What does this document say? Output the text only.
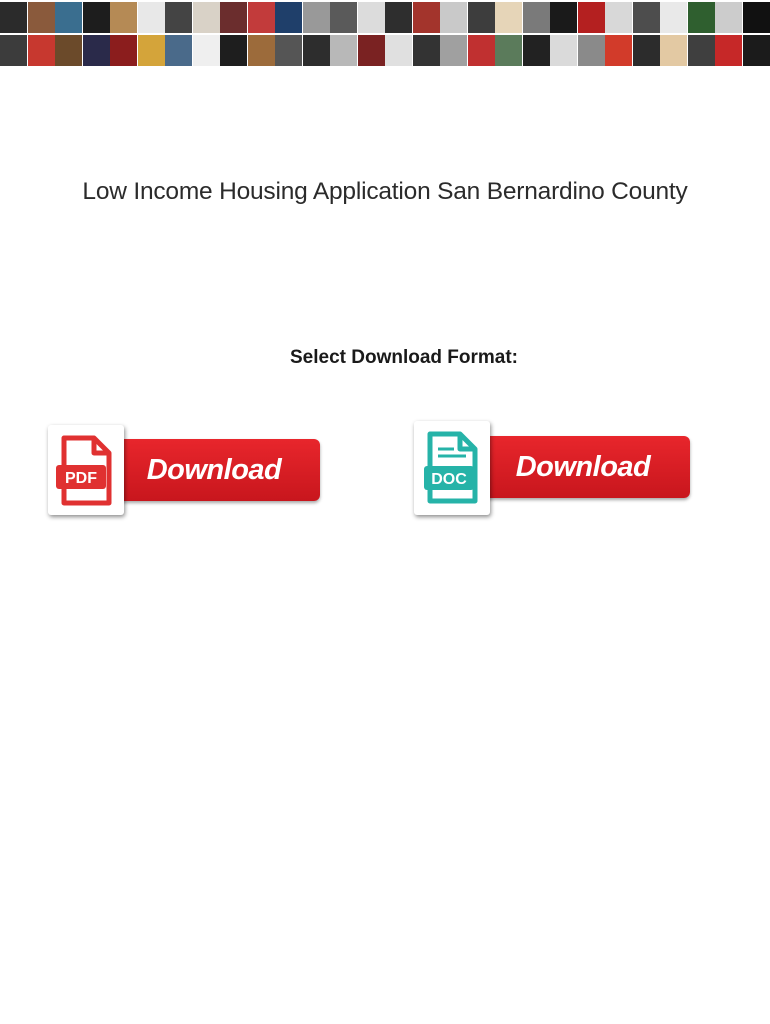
Low Income Housing Application San Bernardino County

Select Download Format:

Download
PDF	Download
DOC
